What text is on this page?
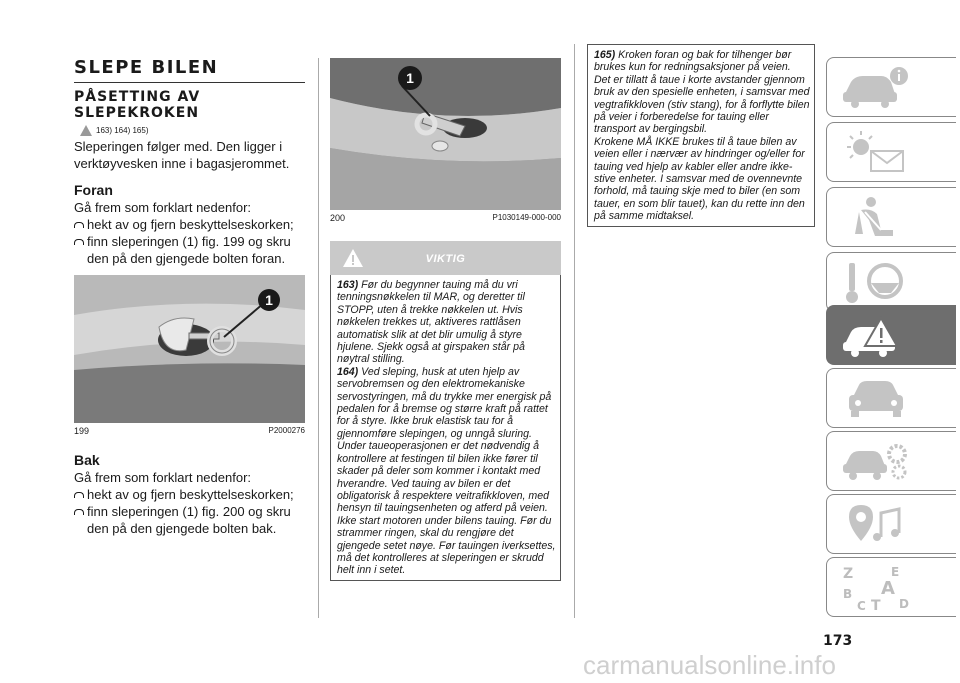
SLEPE BILEN
PÅSETTING AV
SLEPEKROKEN
163) 164) 165)

Sleperingen følger med. Den ligger i verktøyvesken inne i bagasjerommet.

Foran

Gå frem som forklart nedenfor:

hekt av og fjern beskyttelseskorken;
finn sleperingen (1) fig. 199 og skru den på den gjengede bolten foran.
1
199	P2000276
Bak

Gå frem som forklart nedenfor:

hekt av og fjern beskyttelseskorken;
finn sleperingen (1) fig. 200 og skru den på den gjengede bolten bak.
1
200	P1030149-000-000
VIKTIG
163) Før du begynner tauing må du vri tenningsnøkkelen til MAR, og deretter til STOPP, uten å trekke nøkkelen ut. Hvis nøkkelen trekkes ut, aktiveres rattlåsen automatisk slik at det blir umulig å styre hjulene. Sjekk også at girspaken står på nøytral stilling.
164) Ved sleping, husk at uten hjelp av servobremsen og den elektromekaniske servostyringen, må du trykke mer energisk på pedalen for å bremse og større kraft på rattet for å styre. Ikke bruk elastisk tau for å gjennomføre slepingen, og unngå sluring. Under taueoperasjonen er det nødvendig å kontrollere at festingen til bilen ikke fører til skader på deler som kommer i kontakt med hverandre. Ved tauing av bilen er det obligatorisk å respektere veitrafikkloven, med hensyn til tauingsenheten og atferd på veien. Ikke start motoren under bilens tauing. Før du strammer ringen, skal du rengjøre det gjengede setet nøye. Før tauingen iverksettes, må det kontrolleres at sleperingen er skrudd helt inn i setet.
165) Kroken foran og bak for tilhenger bør brukes kun for redningsaksjoner på veien. Det er tillatt å taue i korte avstander gjennom bruk av den spesielle enheten, i samsvar med vegtrafikkloven (stiv stang), for å forflytte bilen på veier i forberedelse for tauing eller transport av bergingsbil.
Krokene MÅ IKKE brukes til å taue bilen av veien eller i nærvær av hindringer og/eller for tauing ved hjelp av kabler eller andre ikke-stive enheter. I samsvar med de ovennevnte forhold, må tauing skje med to biler (en som tauer, en som blir tauet), kan du rette inn den på samme midtaksel.
Z	E
B A
C T D
173
carmanualsonline.info
